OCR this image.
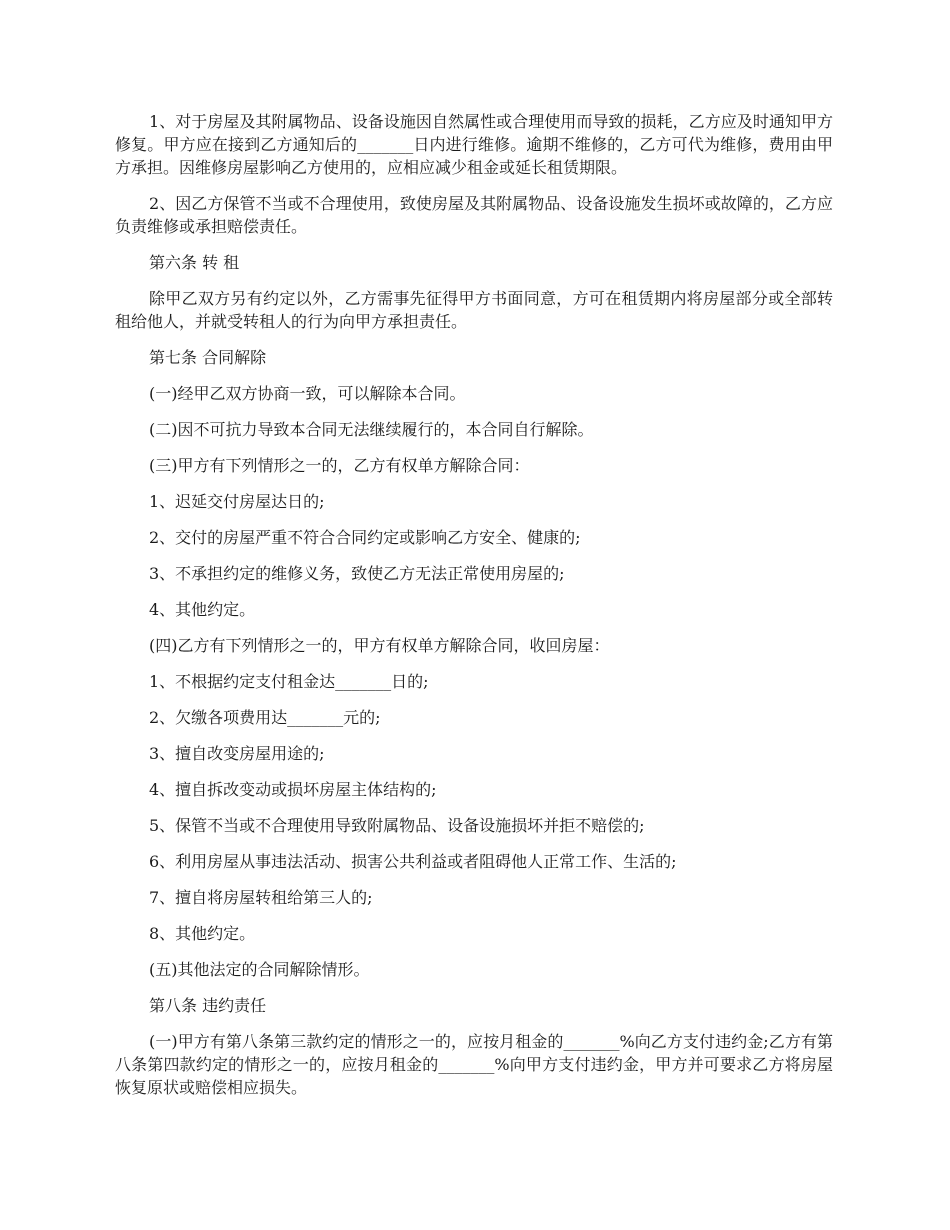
1、对于房屋及其附属物品、设备设施因自然属性或合理使用而导致的损耗，乙方应及时通知甲方修复。甲方应在接到乙方通知后的_______日内进行维修。逾期不维修的，乙方可代为维修，费用由甲方承担。因维修房屋影响乙方使用的，应相应减少租金或延长租赁期限。

2、因乙方保管不当或不合理使用，致使房屋及其附属物品、设备设施发生损坏或故障的，乙方应负责维修或承担赔偿责任。

第六条 转 租

除甲乙双方另有约定以外，乙方需事先征得甲方书面同意，方可在租赁期内将房屋部分或全部转租给他人，并就受转租人的行为向甲方承担责任。

第七条 合同解除

(一)经甲乙双方协商一致，可以解除本合同。

(二)因不可抗力导致本合同无法继续履行的，本合同自行解除。

(三)甲方有下列情形之一的，乙方有权单方解除合同：

1、迟延交付房屋达日的;

2、交付的房屋严重不符合合同约定或影响乙方安全、健康的;

3、不承担约定的维修义务，致使乙方无法正常使用房屋的;

4、其他约定。

(四)乙方有下列情形之一的，甲方有权单方解除合同，收回房屋：

1、不根据约定支付租金达_______日的;

2、欠缴各项费用达_______元的;

3、擅自改变房屋用途的;

4、擅自拆改变动或损坏房屋主体结构的;

5、保管不当或不合理使用导致附属物品、设备设施损坏并拒不赔偿的;

6、利用房屋从事违法活动、损害公共利益或者阻碍他人正常工作、生活的;

7、擅自将房屋转租给第三人的;

8、其他约定。

(五)其他法定的合同解除情形。

第八条 违约责任

(一)甲方有第八条第三款约定的情形之一的，应按月租金的_______%向乙方支付违约金;乙方有第八条第四款约定的情形之一的，应按月租金的_______%向甲方支付违约金，甲方并可要求乙方将房屋恢复原状或赔偿相应损失。
